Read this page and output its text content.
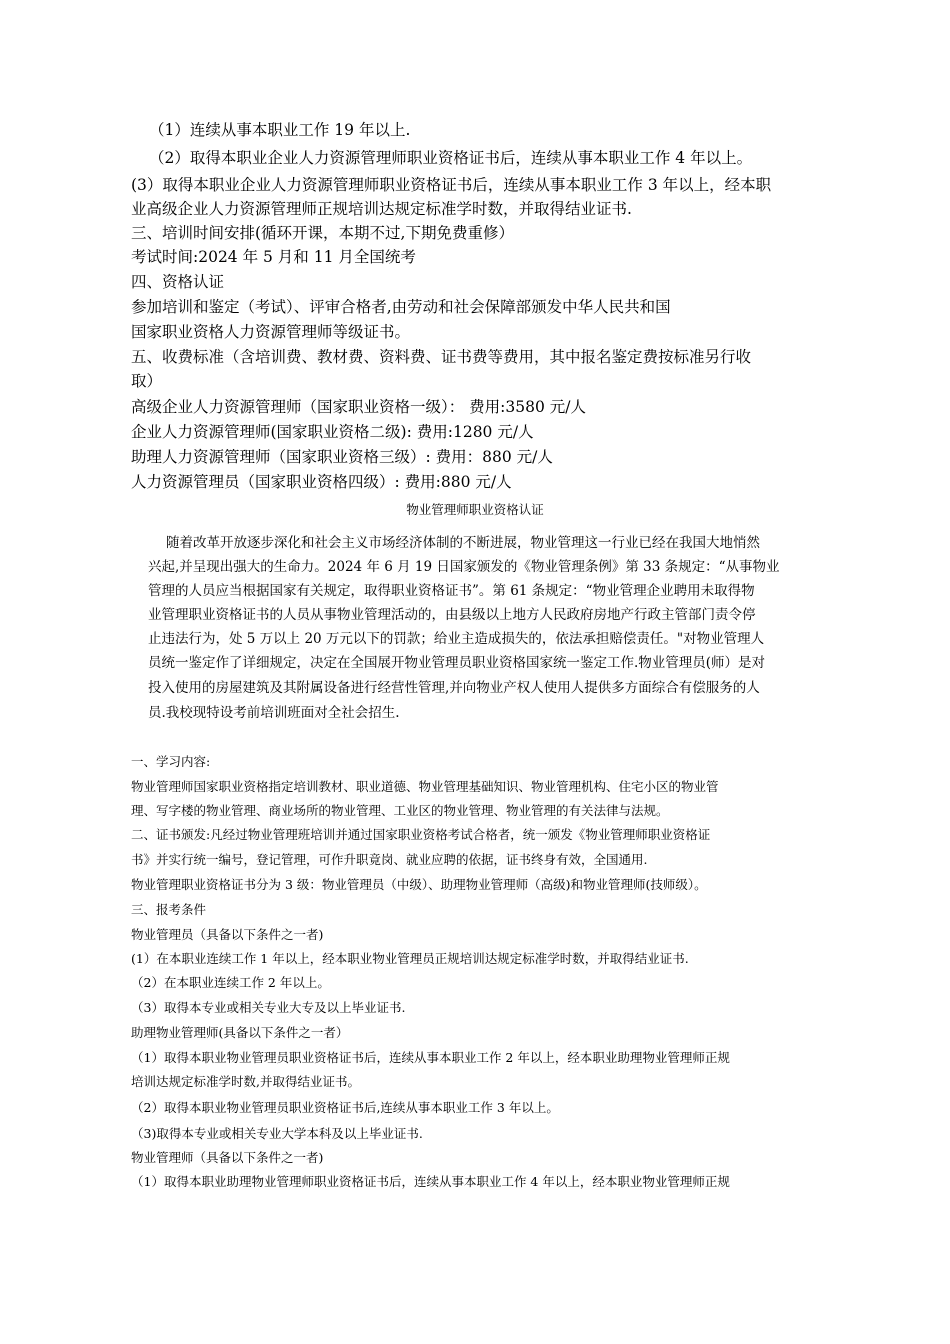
（1）连续从事本职业工作 19 年以上.
（2）取得本职业企业人力资源管理师职业资格证书后，连续从事本职业工作 4 年以上。
(3）取得本职业企业人力资源管理师职业资格证书后，连续从事本职业工作 3 年以上，经本职
业高级企业人力资源管理师正规培训达规定标准学时数，并取得结业证书.
三、培训时间安排(循环开课，本期不过,下期免费重修）
考试时间:2024 年 5 月和 11 月全国统考
四、资格认证
参加培训和鉴定（考试）、评审合格者,由劳动和社会保障部颁发中华人民共和国
国家职业资格人力资源管理师等级证书。
五、收费标准（含培训费、教材费、资料费、证书费等费用，其中报名鉴定费按标准另行收
取）
高级企业人力资源管理师（国家职业资格一级）： 费用:3580 元/人
企业人力资源管理师(国家职业资格二级): 费用:1280 元/人
助理人力资源管理师（国家职业资格三级）: 费用：880 元/人
人力资源管理员（国家职业资格四级）: 费用:880 元/人
物业管理师职业资格认证
随着改革开放逐步深化和社会主义市场经济体制的不断进展，物业管理这一行业已经在我国大地悄然
兴起,并呈现出强大的生命力。2024 年 6 月 19 日国家颁发的《物业管理条例》第 33 条规定：“从事物业
管理的人员应当根据国家有关规定，取得职业资格证书”。第 61 条规定：“物业管理企业聘用未取得物
业管理职业资格证书的人员从事物业管理活动的，由县级以上地方人民政府房地产行政主管部门责令停
止违法行为，处 5 万以上 20 万元以下的罚款；给业主造成损失的，依法承担赔偿责任。"对物业管理人
员统一鉴定作了详细规定，决定在全国展开物业管理员职业资格国家统一鉴定工作.物业管理员(师）是对
投入使用的房屋建筑及其附属设备进行经营性管理,并向物业产权人使用人提供多方面综合有偿服务的人
员.我校现特设考前培训班面对全社会招生.
一、学习内容:
物业管理师国家职业资格指定培训教材、职业道德、物业管理基础知识、物业管理机构、住宅小区的物业管
理、写字楼的物业管理、商业场所的物业管理、工业区的物业管理、物业管理的有关法律与法规。
二、证书颁发:凡经过物业管理班培训并通过国家职业资格考试合格者，统一颁发《物业管理师职业资格证
书》并实行统一编号，登记管理，可作升职竟岗、就业应聘的依据，证书终身有效，全国通用.
物业管理职业资格证书分为 3 级：物业管理员（中级）、助理物业管理师（高级)和物业管理师(技师级）。
三、报考条件
物业管理员（具备以下条件之一者)
(1）在本职业连续工作 1 年以上，经本职业物业管理员正规培训达规定标准学时数，并取得结业证书.
（2）在本职业连续工作 2 年以上。
（3）取得本专业或相关专业大专及以上毕业证书.
助理物业管理师(具备以下条件之一者）
（1）取得本职业物业管理员职业资格证书后，连续从事本职业工作 2 年以上，经本职业助理物业管理师正规
培训达规定标准学时数,并取得结业证书。
（2）取得本职业物业管理员职业资格证书后,连续从事本职业工作 3 年以上。
（3)取得本专业或相关专业大学本科及以上毕业证书.
物业管理师（具备以下条件之一者)
（1）取得本职业助理物业管理师职业资格证书后，连续从事本职业工作 4 年以上，经本职业物业管理师正规
